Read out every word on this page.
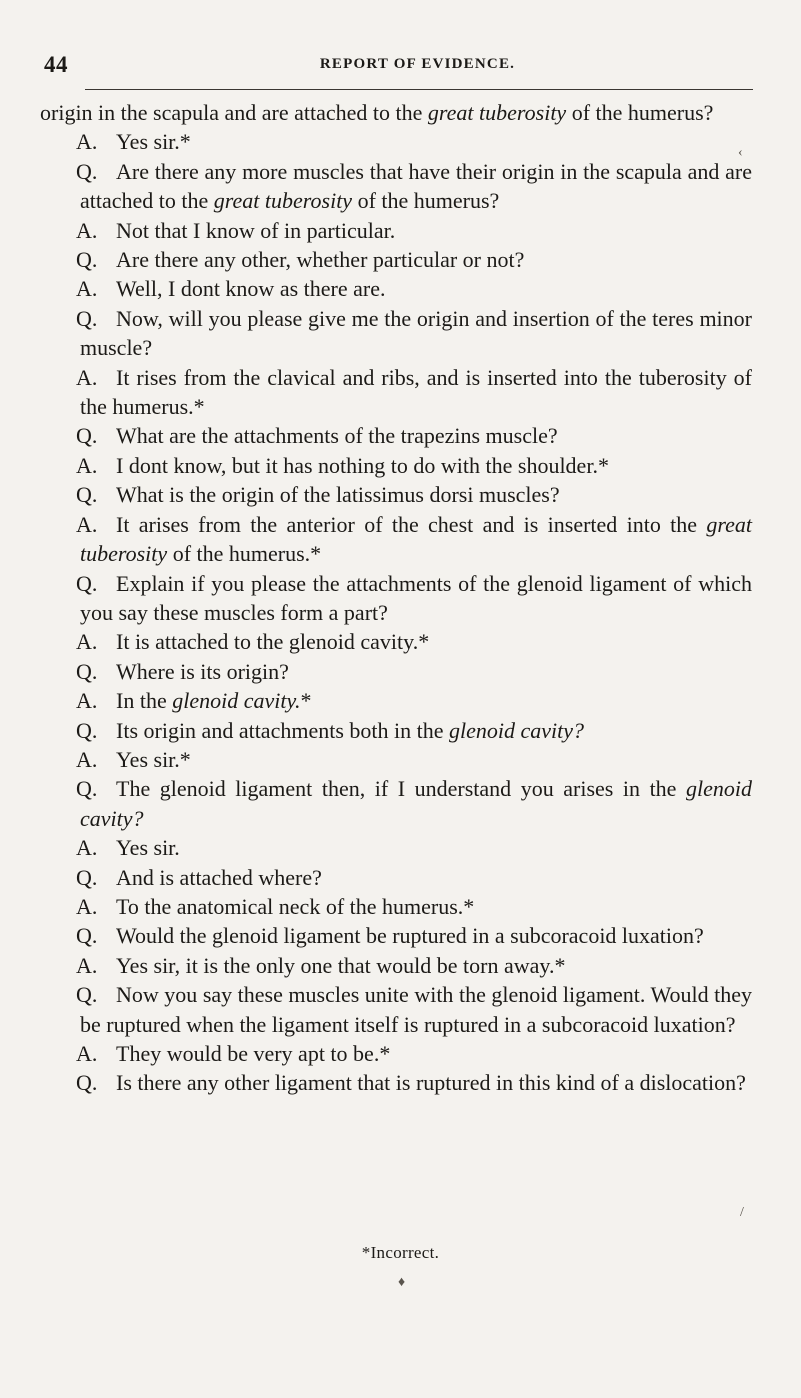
44	REPORT OF EVIDENCE.

origin in the scapula and are attached to the great tuberosity of the humerus?

A. Yes sir.*

Q. Are there any more muscles that have their origin in the scapula and are attached to the great tuberosity of the humerus?

A. Not that I know of in particular.

Q. Are there any other, whether particular or not?

A. Well, I dont know as there are.

Q. Now, will you please give me the origin and insertion of the teres minor muscle?

A. It rises from the clavical and ribs, and is inserted into the tuberosity of the humerus.*

Q. What are the attachments of the trapezins muscle?

A. I dont know, but it has nothing to do with the shoulder.*

Q. What is the origin of the latissimus dorsi muscles?

A. It arises from the anterior of the chest and is inserted into the great tuberosity of the humerus.*

Q. Explain if you please the attachments of the glenoid ligament of which you say these muscles form a part?

A. It is attached to the glenoid cavity.*

Q. Where is its origin?

A. In the glenoid cavity.*

Q. Its origin and attachments both in the glenoid cavity?

A. Yes sir.*

Q. The glenoid ligament then, if I understand you arises in the glenoid cavity?

A. Yes sir.

Q. And is attached where?

A. To the anatomical neck of the humerus.*

Q. Would the glenoid ligament be ruptured in a subcoracoid luxation?

A. Yes sir, it is the only one that would be torn away.*

Q. Now you say these muscles unite with the glenoid ligament. Would they be ruptured when the ligament itself is ruptured in a subcoracoid luxation?

A. They would be very apt to be.*

Q. Is there any other ligament that is ruptured in this kind of a dislocation?

*Incorrect.
‹
/
♦
